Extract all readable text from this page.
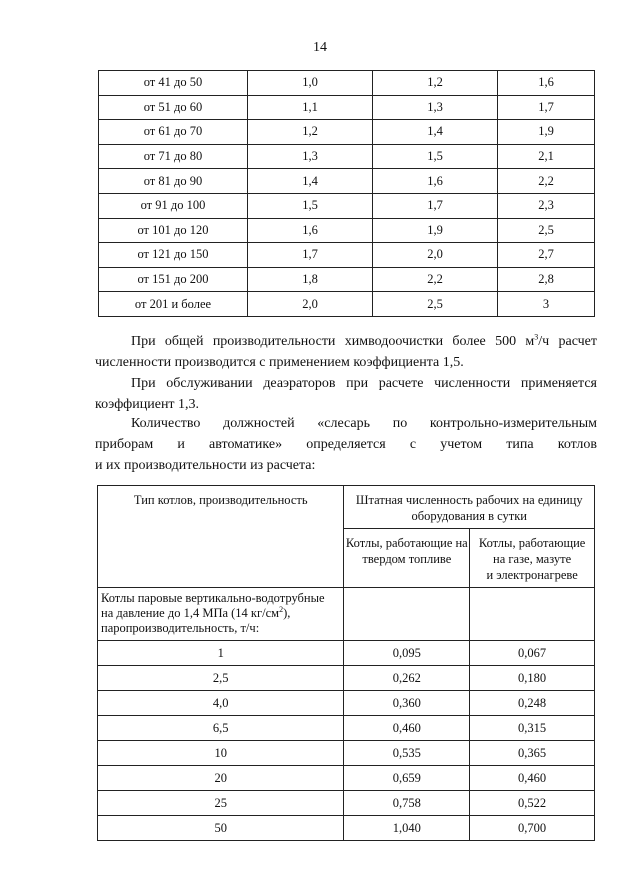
14
от 41 до 50	1,0	1,2	1,6
от 51 до 60	1,1	1,3	1,7
от 61 до 70	1,2	1,4	1,9
от 71 до 80	1,3	1,5	2,1
от 81 до 90	1,4	1,6	2,2
от 91 до 100	1,5	1,7	2,3
от 101 до 120	1,6	1,9	2,5
от 121 до 150	1,7	2,0	2,7
от 151 до 200	1,8	2,2	2,8
от 201 и более	2,0	2,5	3
При общей производительности химводоочистки более 500 $м^3/ч$ расчет
численности производится с применением коэффициента 1,5.
При обслуживании деаэраторов при расчете численности применяется
коэффициент 1,3.
Количество должностей «слесарь по контрольно-измерительным
приборам и автоматике» определяется с учетом типа котлов
и их производительности из расчета:
Тип котлов, производительность	Штатная численность рабочих на единицу оборудования в сутки	
	Котлы, работающие на твердом топливе	Котлы, работающие
на газе, мазуте
и электронагреве
Котлы паровые вертикально-водотрубные
на давление до 1,4 МПа (14 $кг/см^2$),
паропроизводительность, т/ч:		
1	0,095	0,067
2,5	0,262	0,180
4,0	0,360	0,248
6,5	0,460	0,315
10	0,535	0,365
20	0,659	0,460
25	0,758	0,522
50	1,040	0,700
